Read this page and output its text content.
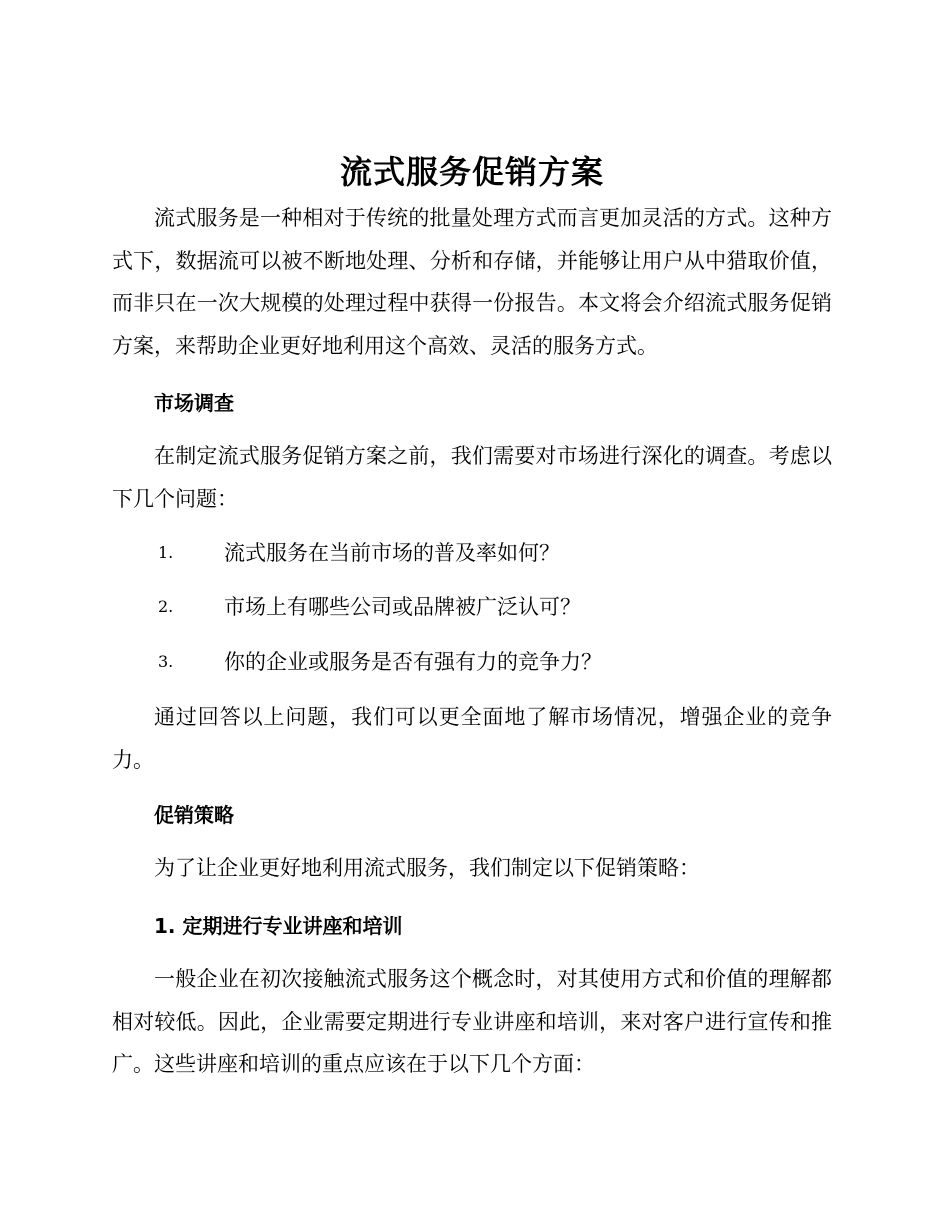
流式服务促销方案

流式服务是一种相对于传统的批量处理方式而言更加灵活的方式。这种方式下，数据流可以被不断地处理、分析和存储，并能够让用户从中猎取价值，而非只在一次大规模的处理过程中获得一份报告。本文将会介绍流式服务促销方案，来帮助企业更好地利用这个高效、灵活的服务方式。

市场调查

在制定流式服务促销方案之前，我们需要对市场进行深化的调查。考虑以下几个问题：

1. 流式服务在当前市场的普及率如何？
2. 市场上有哪些公司或品牌被广泛认可？
3. 你的企业或服务是否有强有力的竞争力？

通过回答以上问题，我们可以更全面地了解市场情况，增强企业的竞争力。

促销策略

为了让企业更好地利用流式服务，我们制定以下促销策略：

1. 定期进行专业讲座和培训

一般企业在初次接触流式服务这个概念时，对其使用方式和价值的理解都相对较低。因此，企业需要定期进行专业讲座和培训，来对客户进行宣传和推广。这些讲座和培训的重点应该在于以下几个方面：
